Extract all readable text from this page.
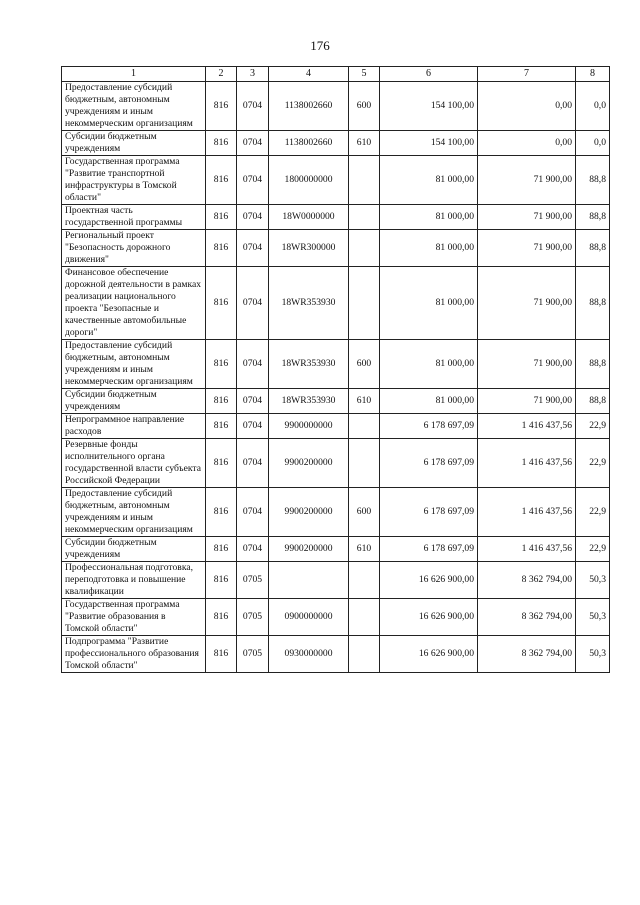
176
1	2	3	4	5	6	7	8
Предоставление субсидий бюджетным, автономным учреждениям и иным некоммерческим организациям	816	0704	1138002660	600	154 100,00	0,00	0,0
Субсидии бюджетным учреждениям	816	0704	1138002660	610	154 100,00	0,00	0,0
Государственная программа "Развитие транспортной инфраструктуры в Томской области"	816	0704	1800000000		81 000,00	71 900,00	88,8
Проектная часть государственной программы	816	0704	18W0000000		81 000,00	71 900,00	88,8
Региональный проект "Безопасность дорожного движения"	816	0704	18WR300000		81 000,00	71 900,00	88,8
Финансовое обеспечение дорожной деятельности в рамках реализации национального проекта "Безопасные и качественные автомобильные дороги"	816	0704	18WR353930		81 000,00	71 900,00	88,8
Предоставление субсидий бюджетным, автономным учреждениям и иным некоммерческим организациям	816	0704	18WR353930	600	81 000,00	71 900,00	88,8
Субсидии бюджетным учреждениям	816	0704	18WR353930	610	81 000,00	71 900,00	88,8
Непрограммное направление расходов	816	0704	9900000000		6 178 697,09	1 416 437,56	22,9
Резервные фонды исполнительного органа государственной власти субъекта Российской Федерации	816	0704	9900200000		6 178 697,09	1 416 437,56	22,9
Предоставление субсидий бюджетным, автономным учреждениям и иным некоммерческим организациям	816	0704	9900200000	600	6 178 697,09	1 416 437,56	22,9
Субсидии бюджетным учреждениям	816	0704	9900200000	610	6 178 697,09	1 416 437,56	22,9
Профессиональная подготовка, переподготовка и повышение квалификации	816	0705			16 626 900,00	8 362 794,00	50,3
Государственная программа "Развитие образования в Томской области"	816	0705	0900000000		16 626 900,00	8 362 794,00	50,3
Подпрограмма "Развитие профессионального образования Томской области"	816	0705	0930000000		16 626 900,00	8 362 794,00	50,3
